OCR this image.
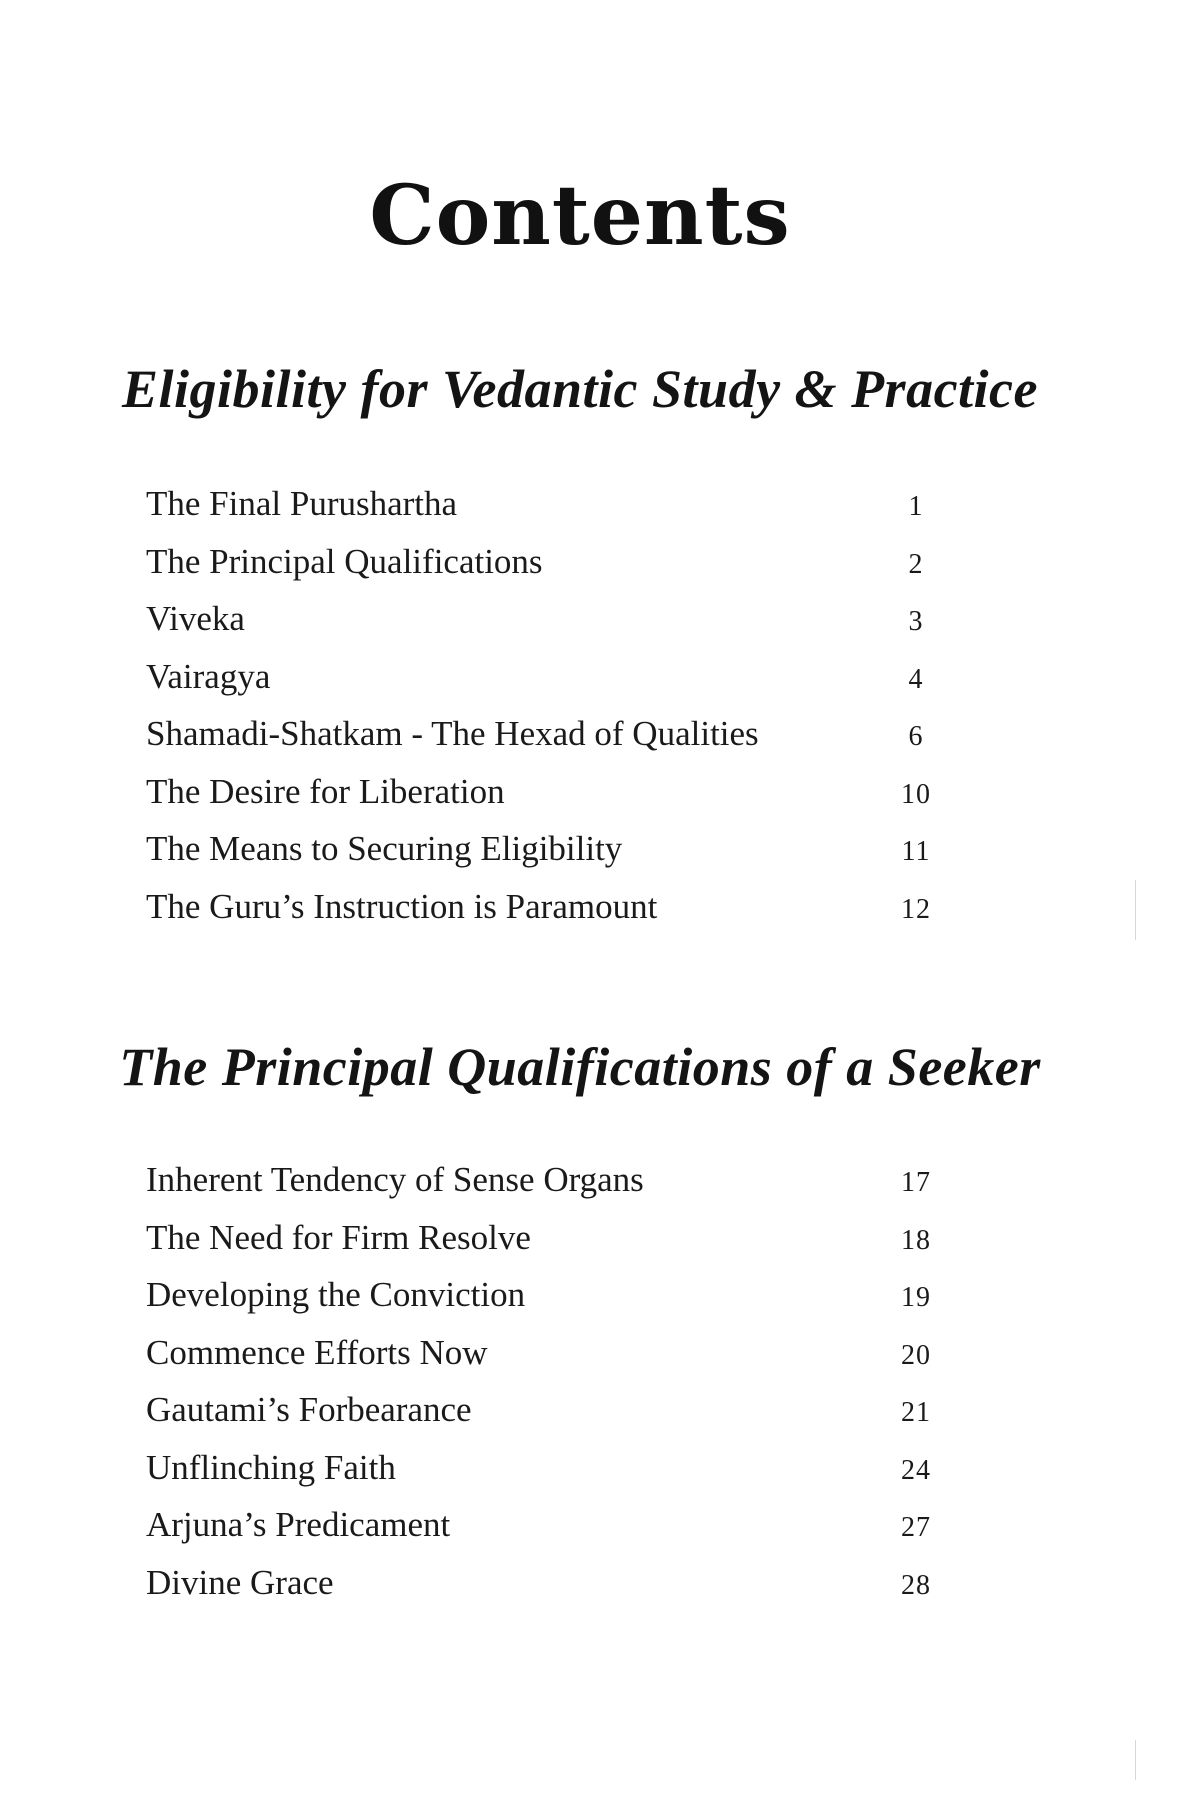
Contents
Eligibility for Vedantic Study & Practice
The Final Purushartha	1
The Principal Qualifications	2
Viveka	3
Vairagya	4
Shamadi-Shatkam - The Hexad of Qualities	6
The Desire for Liberation	10
The Means to Securing Eligibility	11
The Guru’s Instruction is Paramount	12
The Principal Qualifications of a Seeker
Inherent Tendency of Sense Organs	17
The Need for Firm Resolve	18
Developing the Conviction	19
Commence Efforts Now	20
Gautami’s Forbearance	21
Unflinching Faith	24
Arjuna’s Predicament	27
Divine Grace	28
